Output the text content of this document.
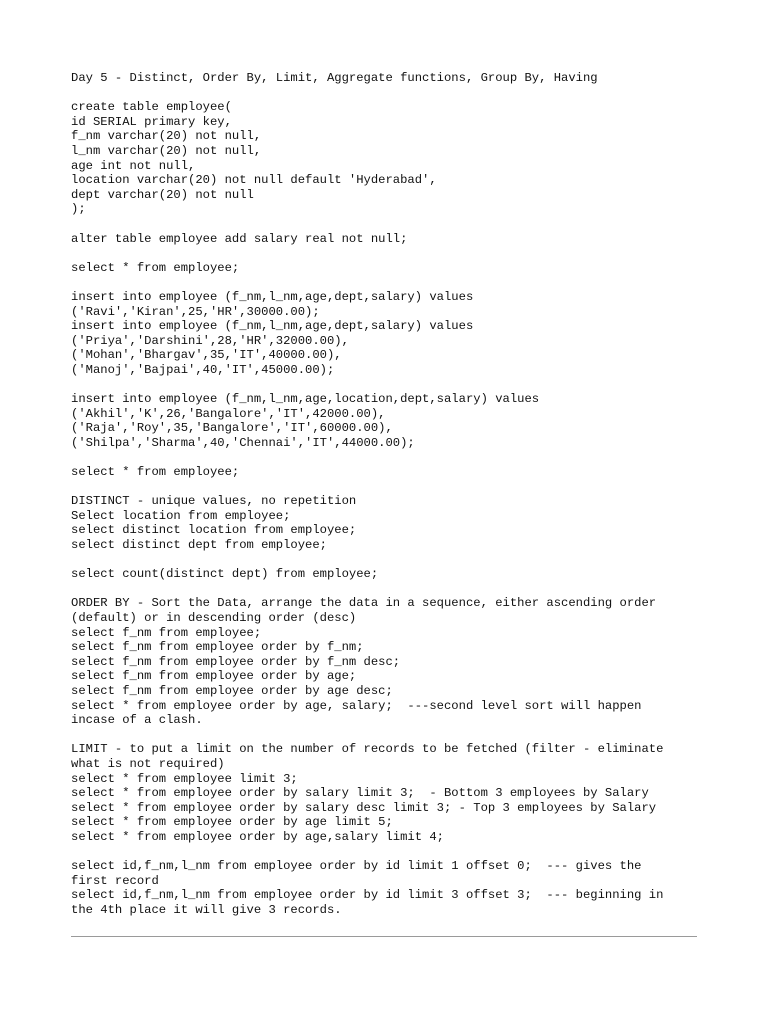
Day 5 - Distinct, Order By, Limit, Aggregate functions, Group By, Having
create table employee(
id SERIAL primary key,
f_nm varchar(20) not null,
l_nm varchar(20) not null,
age int not null,
location varchar(20) not null default 'Hyderabad',
dept varchar(20) not null
);
alter table employee add salary real not null;
select * from employee;
insert into employee (f_nm,l_nm,age,dept,salary) values
('Ravi','Kiran',25,'HR',30000.00);
insert into employee (f_nm,l_nm,age,dept,salary) values
('Priya','Darshini',28,'HR',32000.00),
('Mohan','Bhargav',35,'IT',40000.00),
('Manoj','Bajpai',40,'IT',45000.00);
insert into employee (f_nm,l_nm,age,location,dept,salary) values
('Akhil','K',26,'Bangalore','IT',42000.00),
('Raja','Roy',35,'Bangalore','IT',60000.00),
('Shilpa','Sharma',40,'Chennai','IT',44000.00);
select * from employee;
DISTINCT - unique values, no repetition
Select location from employee;
select distinct location from employee;
select distinct dept from employee;
select count(distinct dept) from employee;
ORDER BY - Sort the Data, arrange the data in a sequence, either ascending order
(default) or in descending order (desc)
select f_nm from employee;
select f_nm from employee order by f_nm;
select f_nm from employee order by f_nm desc;
select f_nm from employee order by age;
select f_nm from employee order by age desc;
select * from employee order by age, salary;  ---second level sort will happen
incase of a clash.
LIMIT - to put a limit on the number of records to be fetched (filter - eliminate
what is not required)
select * from employee limit 3;
select * from employee order by salary limit 3;  - Bottom 3 employees by Salary
select * from employee order by salary desc limit 3; - Top 3 employees by Salary
select * from employee order by age limit 5;
select * from employee order by age,salary limit 4;
select id,f_nm,l_nm from employee order by id limit 1 offset 0;  --- gives the
first record
select id,f_nm,l_nm from employee order by id limit 3 offset 3;  --- beginning in
the 4th place it will give 3 records.
